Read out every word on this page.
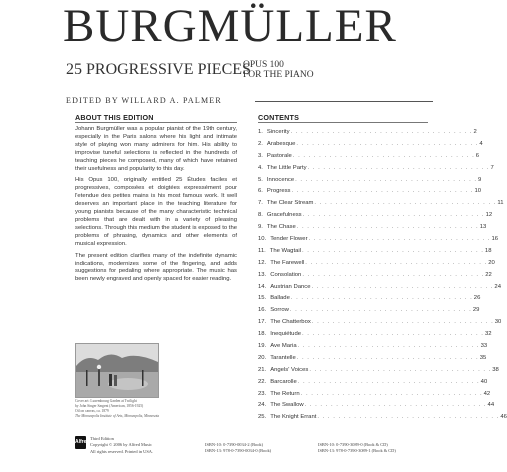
BURGMÜLLER
25 PROGRESSIVE PIECES
OPUS 100
FOR THE PIANO
EDITED BY WILLARD A. PALMER
ABOUT THIS EDITION

Johann Burgmüller was a popular pianist of the 19th century, especially in the Paris salons where his light and intimate style of playing won many admirers for him. His ability to improvise tuneful selections is reflected in the hundreds of teaching pieces he composed, many of which have retained their usefulness and popularity to this day.

His Opus 100, originally entitled 25 Études faciles et progressives, composées et doigtées expressément pour l'etendue des petites mains is his most famous work. It well deserves an important place in the teaching literature for young pianists because of the many characteristic technical problems that are dealt with in a variety of pleasing selections. Through this medium the student is exposed to the problems of phrasing, dynamics and other elements of musical expression.

The present edition clarifies many of the indefinite dynamic indications, modernizes some of the fingering, and adds suggestions for pedaling where appropriate. The music has been newly engraved and openly spaced for easier reading.

Cover art: Luxembourg Garden at Twilight
by John Singer Sargent (American, 1856-1925)
Oil on canvas, ca. 1879
The Minneapolis Institute of Arts, Minneapolis, Minnesota
CONTENTS
1. Sincerity . . . . . . . . . . . . . . . . . . . . . . . . . . . . . . . . . . . 2
2. Arabesque . . . . . . . . . . . . . . . . . . . . . . . . . . . . . . . . . . . 4
3. Pastorale . . . . . . . . . . . . . . . . . . . . . . . . . . . . . . . . . . . 6
4. The Little Party . . . . . . . . . . . . . . . . . . . . . . . . . . . . . . . . . . . 7
5. Innocence . . . . . . . . . . . . . . . . . . . . . . . . . . . . . . . . . . . 9
6. Progress . . . . . . . . . . . . . . . . . . . . . . . . . . . . . . . . . . . 10
7. The Clear Stream . . . . . . . . . . . . . . . . . . . . . . . . . . . . . . . . . . . 11
8. Gracefulness . . . . . . . . . . . . . . . . . . . . . . . . . . . . . . . . . . . 12
9. The Chase . . . . . . . . . . . . . . . . . . . . . . . . . . . . . . . . . . . 13
10. Tender Flower . . . . . . . . . . . . . . . . . . . . . . . . . . . . . . . . . . . 16
11. The Wagtail . . . . . . . . . . . . . . . . . . . . . . . . . . . . . . . . . . . 18
12. The Farewell . . . . . . . . . . . . . . . . . . . . . . . . . . . . . . . . . . . 20
13. Consolation . . . . . . . . . . . . . . . . . . . . . . . . . . . . . . . . . . . 22
14. Austrian Dance . . . . . . . . . . . . . . . . . . . . . . . . . . . . . . . . . . . 24
15. Ballade . . . . . . . . . . . . . . . . . . . . . . . . . . . . . . . . . . . 26
16. Sorrow . . . . . . . . . . . . . . . . . . . . . . . . . . . . . . . . . . . 29
17. The Chatterbox . . . . . . . . . . . . . . . . . . . . . . . . . . . . . . . . . . . 30
18. Inequiétude . . . . . . . . . . . . . . . . . . . . . . . . . . . . . . . . . . . 32
19. Ave Maria . . . . . . . . . . . . . . . . . . . . . . . . . . . . . . . . . . . 33
20. Tarantelle . . . . . . . . . . . . . . . . . . . . . . . . . . . . . . . . . . . 35
21. Angels' Voices . . . . . . . . . . . . . . . . . . . . . . . . . . . . . . . . . . . 38
22. Barcarolle . . . . . . . . . . . . . . . . . . . . . . . . . . . . . . . . . . . 40
23. The Return . . . . . . . . . . . . . . . . . . . . . . . . . . . . . . . . . . . 42
24. The Swallow . . . . . . . . . . . . . . . . . . . . . . . . . . . . . . . . . . . 44
25. The Knight Errant . . . . . . . . . . . . . . . . . . . . . . . . . . . . . . . . . . . 46
Alfred
Third Edition
Copyright © 2006 by Alfred Music
All rights reserved. Printed in USA.
ISBN-10: 0-7390-0034-2 (Book)
ISBN-13: 978-0-7390-0034-0 (Book)
ISBN-10: 0-7390-3089-0 (Book & CD)
ISBN-13: 978-0-7390-3089-1 (Book & CD)
